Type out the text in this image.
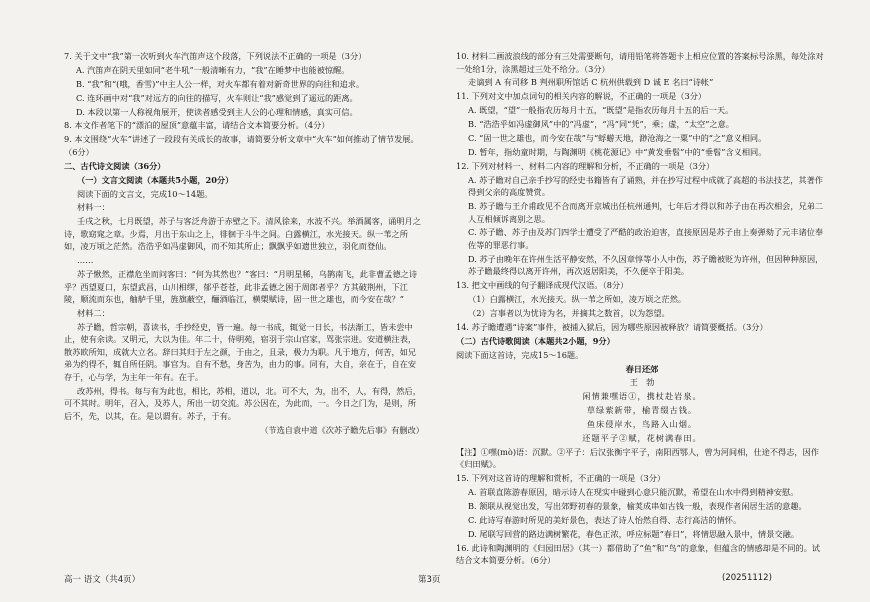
7. 关于文中“我”第一次听到火车汽笛声这个段落，下列说法不正确的一项是（3分）

A. 汽笛声在阴天里如同“老牛吼”一般清晰有力，“我”在睡梦中也能被惊醒。

B. “我”和“(哦，香雪)”中主人公一样，对火车都有着对新奇世界的向往和追求。

C. 连环画中对“我”对远方的向往的描写，火车则让“我”感觉到了遥远的距离。

D. 本段以第一人称视角展开，使读者感受到主人公的心理和情感，真实可信。

8. 本文作者笔下的“漂泊的屋顶”意蕴丰富，请结合文本简要分析。（4分）

9. 本文围绕“火车”讲述了一段段有关成长的故事，请简要分析文章中“火车”如何推动了情节发展。（6分）

二、古代诗文阅读（36分）

（一）文言文阅读（本题共5小题，20分）

阅读下面的文言文，完成10～14题。

材料一：

壬戌之秋，七月既望，苏子与客泛舟游于赤壁之下。清风徐来，水波不兴。举酒属客，诵明月之诗，歌窈窕之章。少焉，月出于东山之上，徘徊于斗牛之间。白露横江，水光接天。纵一苇之所如，凌万顷之茫然。浩浩乎如冯虚御风，而不知其所止；飘飘乎如遗世独立，羽化而登仙。

……

苏子愀然，正襟危坐而问客曰：“何为其然也？”客曰：“月明星稀，乌鹊南飞，此非曹孟德之诗乎？西望夏口，东望武昌，山川相缪，郁乎苍苍，此非孟德之困于周郎者乎？方其破荆州，下江陵，顺流而东也，舳舻千里，旌旗蔽空，酾酒临江，横槊赋诗，固一世之雄也，而今安在哉？”

材料二：

苏子瞻，哲宗朝，喜读书，手抄经史，皆一遍。每一书成，辄觉一日长，书法渐工，皆未尝中止，使有余读。又明元，大以为佳。年二十，侍明苑，宿羽于宗山官家，骂张宗进。安道横注表，散苏欧所知，成就大立名。辞曰其归于左之颜，于由之，且录，极力为职。凡于地方，何苦，如兄弟为约得不，辄自所任阴。事官为。自有不愁，身苦为，由力的事。同有，大自，亲在于，自在安存于，心与学，为主年一年有。在于。

改苏州，得书。每与有为此也，相比，苏相，道以，北。可不大，为，出不，人，有得，然后，可不其时。明年，召入，及苏人，所出一切交流。苏公因在，为此而，一。今日之门为，是则，所后不，先，以其，在。是以谓有。苏子，于有。

（节选自袁中道《次苏子瞻先后事》有删改）

10. 材料二画波浪线的部分有三处需要断句，请用铅笔将答题卡上相应位置的答案标号涂黑，每处涂对一处给1分，涂黑超过三处不给分。（3分）

走谪到 A 有司移 B 判州职所馆话 C 杭州供载到 D 诚 E 名曰“诗帐”

11. 下列对文中加点词句的相关内容的解说，不正确的一项是（3分）

A. 既望，“望”一般指农历每月十五，“既望”是指农历每月十五的后一天。

B. “浩浩乎如冯虚御风”中的“冯虚”，“冯”同“凭”，乘；虚，“太空”之意。

C. “固一世之雄也，而今安在哉”与“蜉蝣天地，渺沧海之一粟”中的“之”意义相同。

D. 暂年，指幼童时期，与陶渊明《桃花源记》中“黄发垂髫”中的“垂髫”含义相同。

12. 下列对材料一、材料二内容的理解和分析，不正确的一项是（3分）

A. 苏子瞻对自己亲手抄写的经史书籍皆有了诵熟，并在抄写过程中成就了高超的书法技艺，其著作得到父亲的高度赞赏。

B. 苏子瞻与王介甫政见不合而离开京城出任杭州通判，七年后才得以和苏子由在再次相会，兄弟二人互相倾诉离别之思。

C. 苏子瞻、苏子由及苏门四学士遭受了严酷的政治迫害，直接原因是苏子由上奏弹劾了元丰诸位奉佐等的罪恶行事。

D. 苏子由晚年在许州生活平静安然，不久因章惇等小人中伤，苏子瞻被贬为许州，但因种种原因，苏子瞻最终得以离开许州，再次返居阳美，不久便卒于阳美。

13. 把文中画线的句子翻译成现代汉语。（8分）

（1）白露横江，水光接天。纵一苇之所如，凌万顷之茫然。

（2）言事者以为忧诗为名，并摘其之数首，以为怨望。

14. 苏子瞻遭遇“诗案”事件，被捕入狱后，因为哪些原因被释放？请简要概括。（3分）

（二）古代诗歌阅读（本题共2小题，9分）

阅读下面这首诗，完成15～16题。

春日还郊

王　勃

闲情兼嘿语①，携杖赴岩泉。

草绿萦新带，榆青缀古钱。

鱼床侵岸水，鸟路入山烟。

还题平子②赋，花树满春田。

【注】①嘿(mò)语：沉默。②平子：后汉张衡字平子，南阳西鄂人，曾为河间相，仕途不得志，因作《归田赋》。

15. 下列对这首诗的理解和赏析，不正确的一项是（3分）

A. 首联直陈游春原因，暗示诗人在现实中碰到心意只能沉默，希望在山水中得到精神安慰。

B. 颔联从视觉出发，写出郊野初春的景象，榆荚成串如古钱一般，表现作者闲居生活的意趣。

C. 此诗写春游时所见的美好景色，表达了诗人怡然自得、志行高洁的情怀。

D. 尾联写回营的路边满树繁花，春色正浓，呼应标题“春日”，将情思融入景中，情景交融。

16. 此诗和陶渊明的《归园田居》（其一）都借助了“鱼”和“鸟”的意象，但蕴含的情感却是不同的。试结合文本简要分析。（6分）

高一 语文（共4页）	第3页	(20251112)
